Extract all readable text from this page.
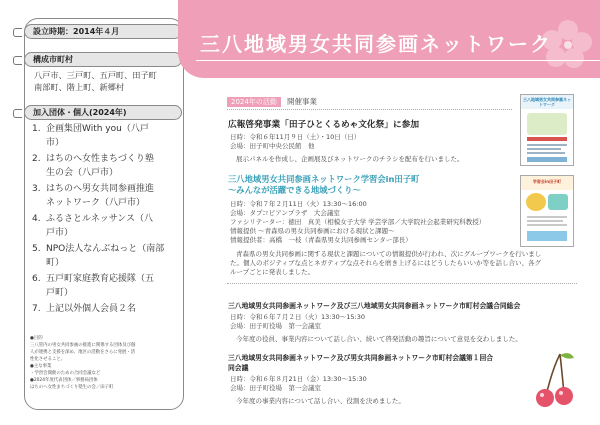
設立時期：2014年４月
構成市町村
八戸市、三戸町、五戸町、田子町
南部町、階上町、新郷村
加入団体・個人(2024年)
1. 企画集団With you（八戸
市）
2. はちのへ女性まちづくり塾
生の会（八戸市）
3. はちのへ男女共同参画推進
ネットワーク（八戸市）
4. ふるさとルネッサンス（八
戸市）
5. NPO法人なんぶねっと（南部
町）
6. 五戸町家庭教育応援隊（五
戸町）
7. 上記以外個人会員２名
●目的
三八管内の男女共同参画の推進に関係する団体及び個
人が連携と支援を深め、地区の活動をさらに発展・活
性化させること。
●主な事業
・学習会開催のための合同会議など
●2024年度代表団体／事務局団体
はちのへ女性まちづくり塾生の会／田子町
三八地域男女共同参画ネットワーク
2024年の活動	開催事業
広報啓発事業「田子ひとくるめゃ文化祭」に参加
日時：令和６年11月９日（土）・10日（日）
会場：田子町中央公民館　他
展示パネルを作成し、企画展及びネットワークのチラシを配布を行いました。
三八地域男女共同参画ネットワーク学習会in田子町
～みんなが活躍できる地域づくり～
日時：令和７年２月11日（火）13:30～16:00
会場：タプコピアンプラザ　大会議室
ファシリテーター：徳田　真美（相模女子大学 学芸学部／大学院社会起業研究科教授）
情報提供 ～青森県の男女共同参画における現状と課題～
情報提供者：高橋　一枝（青森県男女共同参画センター部長）
青森県の男女共同参画に関する現状と課題についての情報提供が行われ、次にグループワークを行いまし
た。個人のポジティブな点とネガティブな点それらを磨き上げるにはどうしたらいいか等を話し合い、各グ
ループごとに発表しました。
三八地域男女共同参画ネットワーク及び三八地域男女共同参画ネットワーク市町村会議合同総会
日時：令和６年７月２日（火）13:30～15:30
会場：田子町役場　第一会議室
今年度の役員、事業内容について話し合い、続いて啓発活動の趣旨について意見を交わしました。
三八地域男女共同参画ネットワーク及び男女共同参画ネットワーク市町村会議第１回合
同会議
日時：令和６年８月21日（金）13:30～15:30
会場：田子町役場　第一会議室
今年度の事業内容について話し合い、役割を決めました。
三八地域男女共同参画ネットワーク
学習会in田子町
